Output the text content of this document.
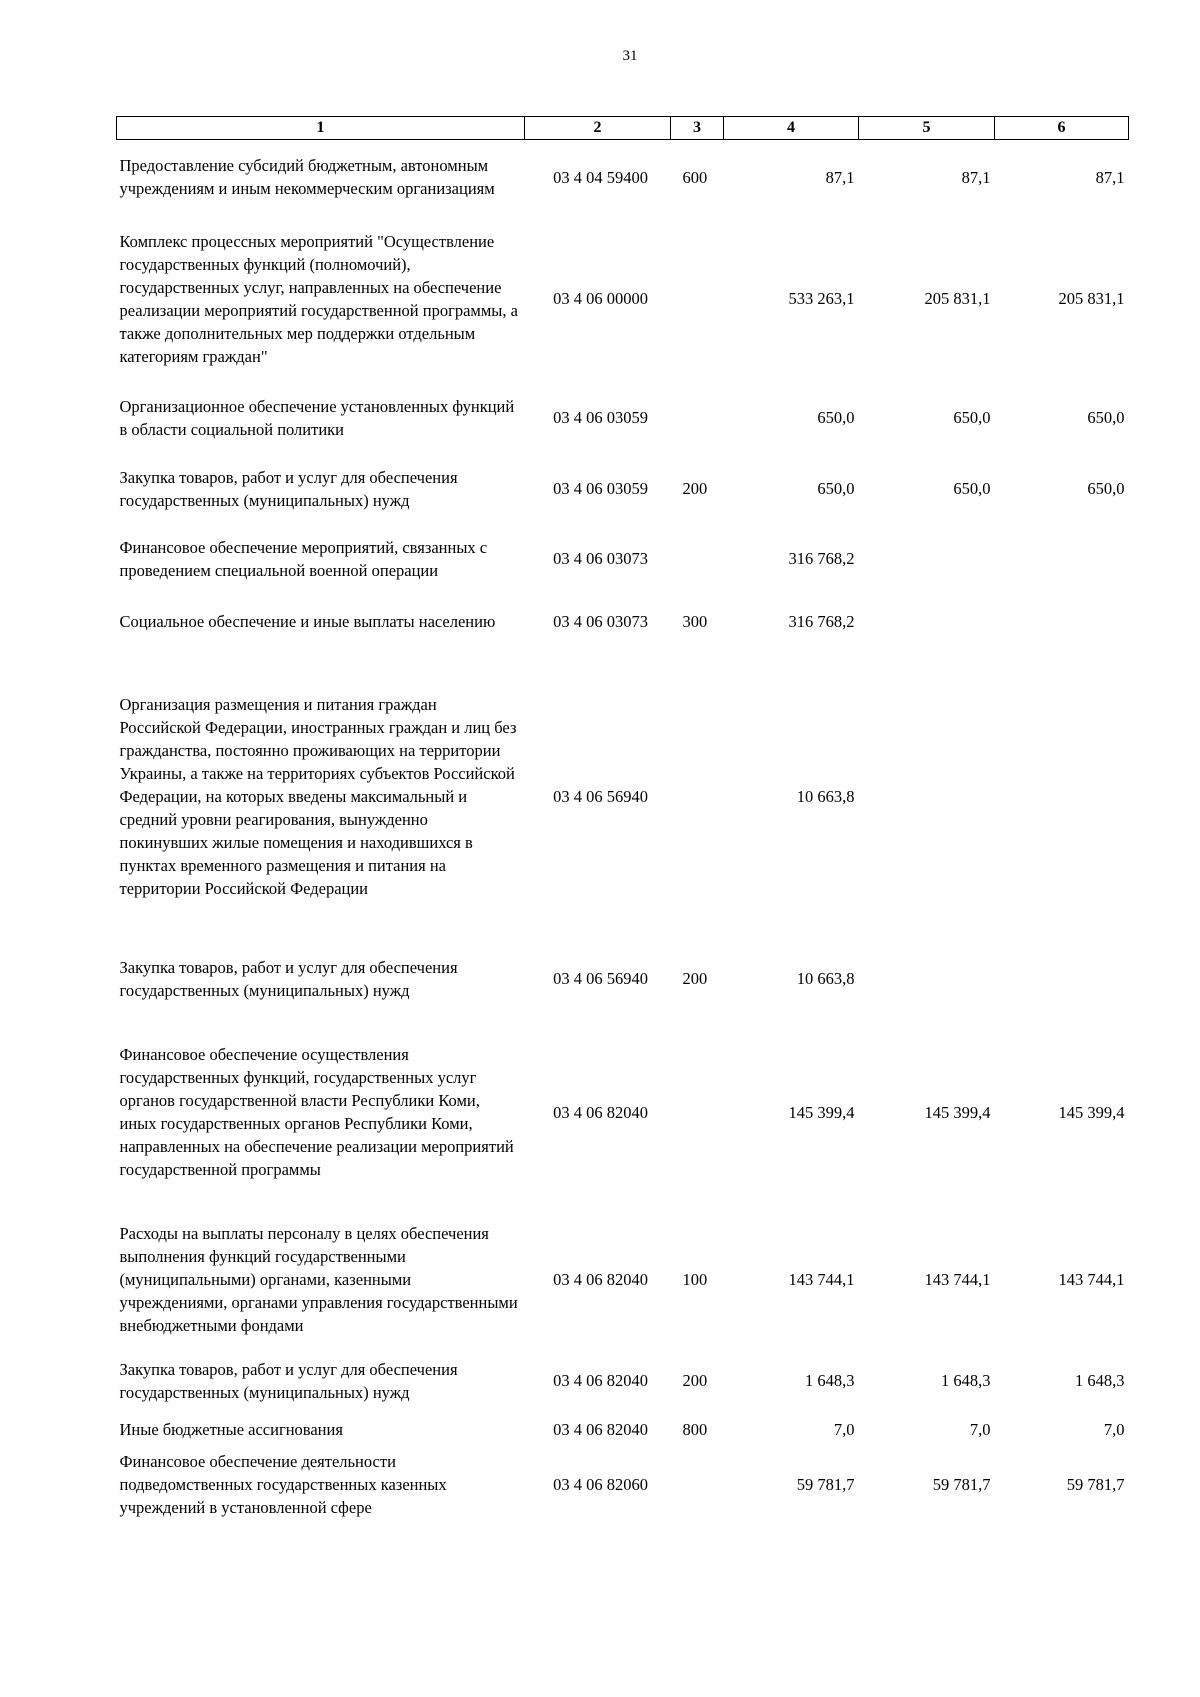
31
1	2	3	4	5	6
Предоставление субсидий бюджетным, автономным учреждениям и иным некоммерческим организациям	03 4 04 59400	600	87,1	87,1	87,1
Комплекс процессных мероприятий "Осуществление государственных функций (полномочий), государственных услуг, направленных на обеспечение реализации мероприятий государственной программы, а также дополнительных мер поддержки отдельным категориям граждан"	03 4 06 00000		533 263,1	205 831,1	205 831,1
Организационное обеспечение установленных функций в области социальной политики	03 4 06 03059		650,0	650,0	650,0
Закупка товаров, работ и услуг для обеспечения государственных (муниципальных) нужд	03 4 06 03059	200	650,0	650,0	650,0
Финансовое обеспечение мероприятий, связанных с проведением специальной военной операции	03 4 06 03073		316 768,2		
Социальное обеспечение и иные выплаты населению	03 4 06 03073	300	316 768,2		
Организация размещения и питания граждан Российской Федерации, иностранных граждан и лиц без гражданства, постоянно проживающих на территории Украины, а также на территориях субъектов Российской Федерации, на которых введены максимальный и средний уровни реагирования, вынужденно покинувших жилые помещения и находившихся в пунктах временного размещения и питания на территории Российской Федерации	03 4 06 56940		10 663,8		
Закупка товаров, работ и услуг для обеспечения государственных (муниципальных) нужд	03 4 06 56940	200	10 663,8		
Финансовое обеспечение осуществления государственных функций, государственных услуг органов государственной власти Республики Коми, иных государственных органов Республики Коми, направленных на обеспечение реализации мероприятий государственной программы	03 4 06 82040		145 399,4	145 399,4	145 399,4
Расходы на выплаты персоналу в целях обеспечения выполнения функций государственными (муниципальными) органами, казенными учреждениями, органами управления государственными внебюджетными фондами	03 4 06 82040	100	143 744,1	143 744,1	143 744,1
Закупка товаров, работ и услуг для обеспечения государственных (муниципальных) нужд	03 4 06 82040	200	1 648,3	1 648,3	1 648,3
Иные бюджетные ассигнования	03 4 06 82040	800	7,0	7,0	7,0
Финансовое обеспечение деятельности подведомственных государственных казенных учреждений в установленной сфере	03 4 06 82060		59 781,7	59 781,7	59 781,7
